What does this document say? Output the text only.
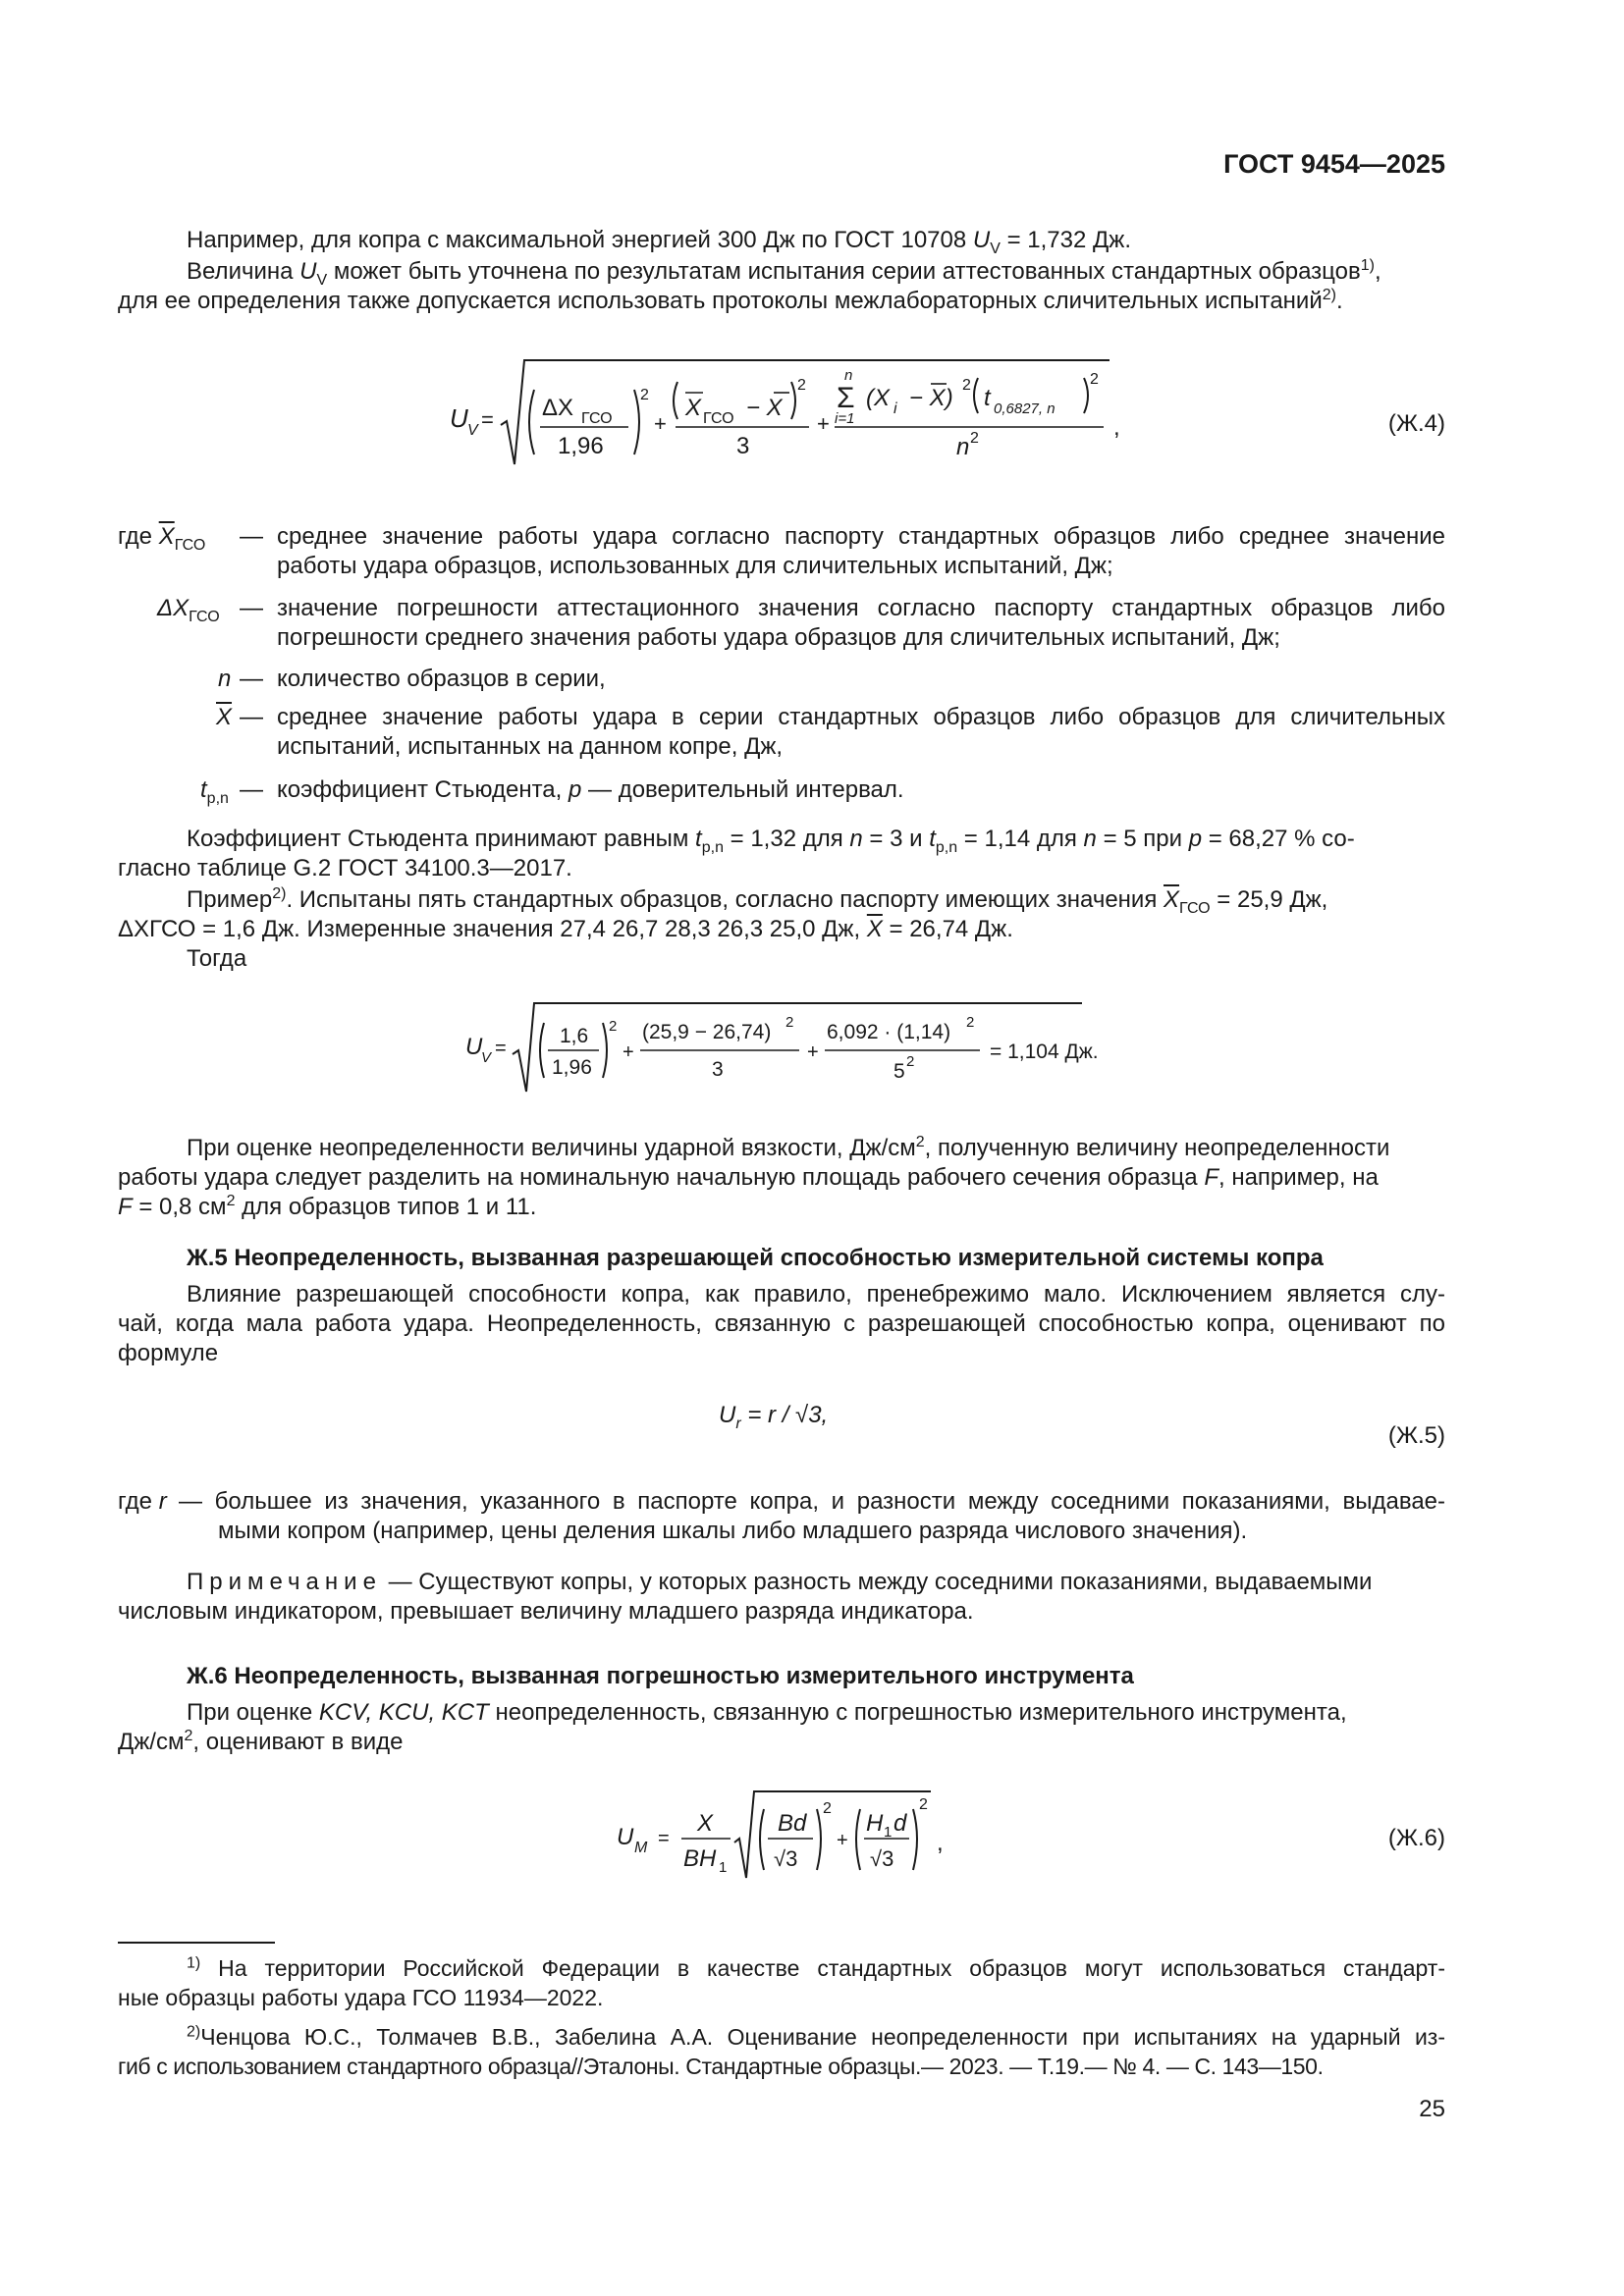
ГОСТ 9454—2025
Например, для копра с максимальной энергией 300 Дж по ГОСТ 10708 $U_V = 1,732$ Дж.
Величина $U_V$ может быть уточнена по результатам испытания серии аттестованных стандартных образцов$^{1)}$,
для ее определения также допускается использовать протоколы межлабораторных сличительных испытаний$^{2)}$.
U V = ΔX ГСО
1,96
2
+
X ГСО − X
2
3
+
n
Σ
i=1
(X i − X) 2 t 0,6827, n
2
n 2	,	(Ж.4)
где $\overline{X}_{ГСО}$ — среднее значение работы удара согласно паспорту стандартных образцов либо среднее значение
работы удара образцов, использованных для сличительных испытаний, Дж;
$\Delta X_{ГСО}$ — значение погрешности аттестационного значения согласно паспорту стандартных образцов либо
погрешности среднего значения работы удара образцов для сличительных испытаний, Дж;
n — количество образцов в серии,
$\overline{X}$ — среднее значение работы удара в серии стандартных образцов либо образцов для сличительных
испытаний, испытанных на данном копре, Дж,
$t_{p,n}$ — коэффициент Стьюдента, p — доверительный интервал.
Коэффициент Стьюдента принимают равным $t_{p,n} = 1,32$ для n = 3 и $t_{p,n} = 1,14$ для n = 5 при p = 68,27 % со-
гласно таблице G.2 ГОСТ 34100.3—2017.
Пример$^{2)}$. Испытаны пять стандартных образцов, согласно паспорту имеющих значения $\overline{X}_{ГСО} = 25,9$ Дж,
ΔХГСО = 1,6 Дж. Измеренные значения 27,4 26,7 28,3 26,3 25,0 Дж, $\overline{X} = 26,74$ Дж.
Тогда
U
V =
1,6
1,96
2
+
(25,9 − 26,74) 2
3
+
6,092 · (1,14) 2
5 2	= 1,104 Дж.
При оценке неопределенности величины ударной вязкости, $Дж/см^2$, полученную величину неопределенности
работы удара следует разделить на номинальную начальную площадь рабочего сечения образца F, например, на
F = 0,8 $см^2$ для образцов типов 1 и 11.
Ж.5 Неопределенность, вызванная разрешающей способностью измерительной системы копра
Влияние разрешающей способности копра, как правило, пренебрежимо мало. Исключением является слу-
чай, когда мала работа удара. Неопределенность, связанную с разрешающей способностью копра, оценивают по
формуле
$U_r = r / √3$,
(Ж.5)
где r — большее из значения, указанного в паспорте копра, и разности между соседними показаниями, выдавае-
мыми копром (например, цены деления шкалы либо младшего разряда числового значения).
Примечание — Существуют копры, у которых разность между соседними показаниями, выдаваемыми
числовым индикатором, превышает величину младшего разряда индикатора.
Ж.6 Неопределенность, вызванная погрешностью измерительного инструмента
При оценке KCV, KCU, KCT неопределенность, связанную с погрешностью измерительного инструмента,
$Дж/см^2$, оценивают в виде
U M =
X
BH 1
Bd
√3
2
+
H 1 d
√3
2
,	(Ж.6)
$^{1)}$ На территории Российской Федерации в качестве стандартных образцов могут использоваться стандарт-
ные образцы работы удара ГСО 11934—2022.
$^{2)}$Ченцова Ю.С., Толмачев В.В., Забелина А.А. Оценивание неопределенности при испытаниях на ударный из-
гиб с использованием стандартного образца//Эталоны. Стандартные образцы.— 2023. — Т.19.— № 4. — С. 143—150.
25
